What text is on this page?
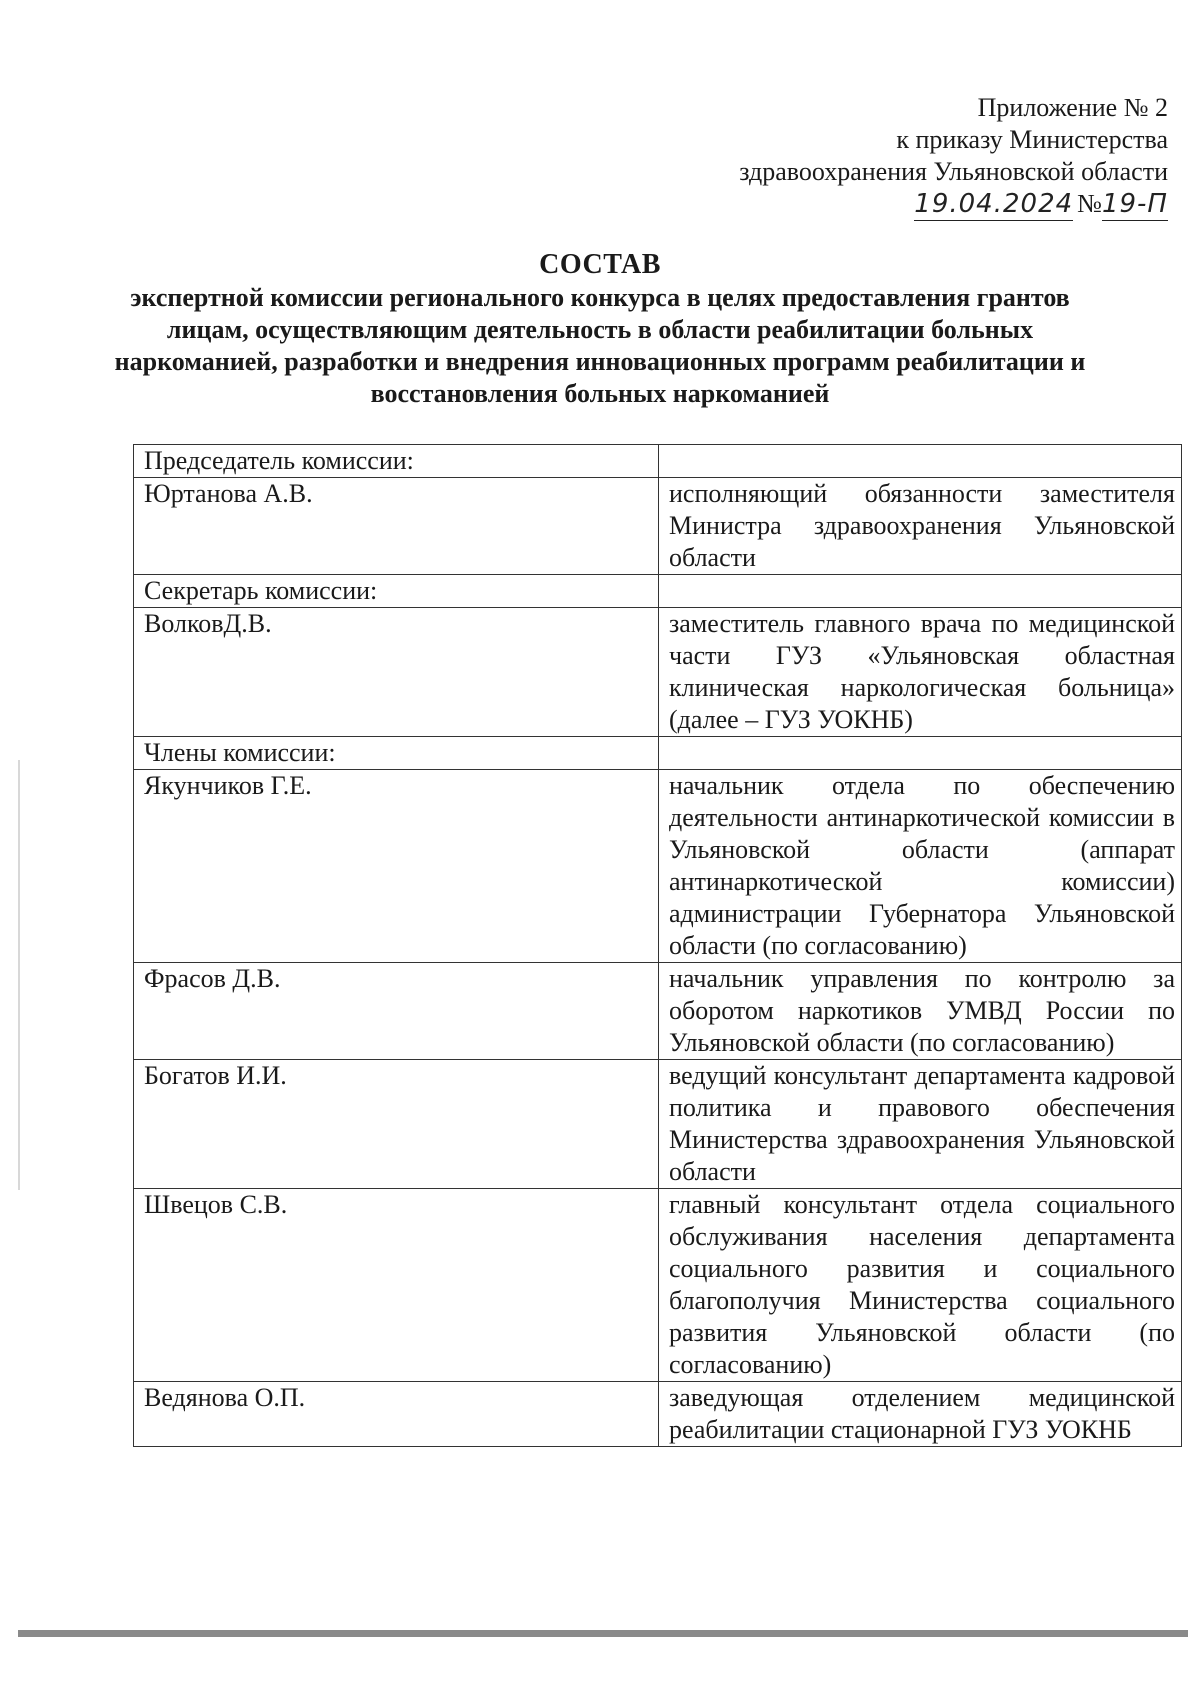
Приложение № 2
к приказу Министерства
здравоохранения Ульяновской области
19.04.2024 №19-П
СОСТАВ
экспертной комиссии регионального конкурса в целях предоставления грантов лицам, осуществляющим деятельность в области реабилитации больных наркоманией, разработки и внедрения инновационных программ реабилитации и восстановления больных наркоманией
Председатель комиссии:	
Юртанова А.В.	исполняющий обязанности заместителя Министра здравоохранения Ульяновской области
Секретарь комиссии:	
ВолковД.В.	заместитель главного врача по медицинской части ГУЗ «Ульяновская областная клиническая наркологическая больница» (далее – ГУЗ УОКНБ)
Члены комиссии:	
Якунчиков Г.Е.	начальник отдела по обеспечению деятельности антинаркотической комиссии в Ульяновской области (аппарат антинаркотической комиссии) администрации Губернатора Ульяновской области (по согласованию)
Фрасов Д.В.	начальник управления по контролю за оборотом наркотиков УМВД России по Ульяновской области (по согласованию)
Богатов И.И.	ведущий консультант департамента кадровой политика и правового обеспечения Министерства здравоохранения Ульяновской области
Швецов С.В.	главный консультант отдела социального обслуживания населения департамента социального развития и социального благополучия Министерства социального развития Ульяновской области (по согласованию)
Ведянова О.П.	заведующая отделением медицинской реабилитации стационарной ГУЗ УОКНБ
